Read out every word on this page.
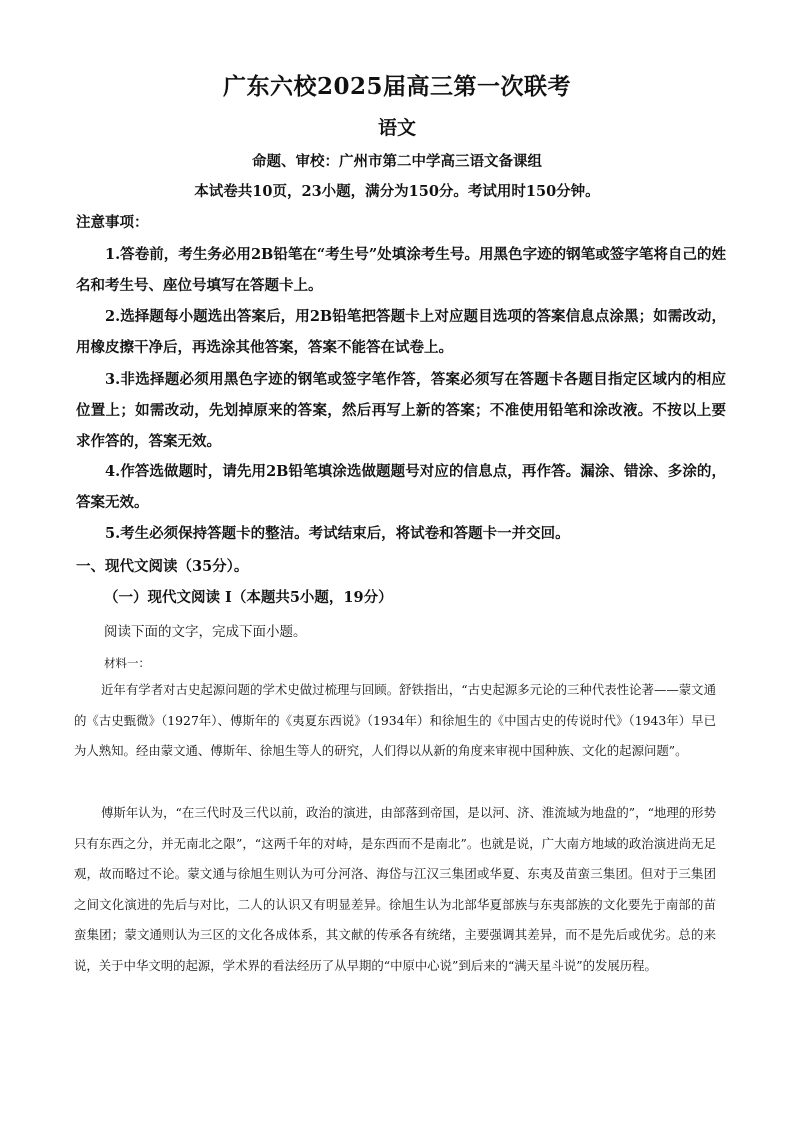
广东六校2025届高三第一次联考
语文
命题、审校：广州市第二中学高三语文备课组
本试卷共10页，23小题，满分为150分。考试用时150分钟。
注意事项：
1.答卷前，考生务必用2B铅笔在“考生号”处填涂考生号。用黑色字迹的钢笔或签字笔将自己的姓名和考生号、座位号填写在答题卡上。
2.选择题每小题选出答案后，用2B铅笔把答题卡上对应题目选项的答案信息点涂黑；如需改动，用橡皮擦干净后，再选涂其他答案，答案不能答在试卷上。
3.非选择题必须用黑色字迹的钢笔或签字笔作答，答案必须写在答题卡各题目指定区域内的相应位置上；如需改动，先划掉原来的答案，然后再写上新的答案；不准使用铅笔和涂改液。不按以上要求作答的，答案无效。
4.作答选做题时，请先用2B铅笔填涂选做题题号对应的信息点，再作答。漏涂、错涂、多涂的，答案无效。
5.考生必须保持答题卡的整洁。考试结束后，将试卷和答题卡一并交回。
一、现代文阅读（35分）。
（一）现代文阅读 I（本题共5小题，19分）
阅读下面的文字，完成下面小题。
材料一：
近年有学者对古史起源问题的学术史做过梳理与回顾。舒铁指出，“古史起源多元论的三种代表性论著——蒙文通的《古史甄微》（1927年）、傅斯年的《夷夏东西说》（1934年）和徐旭生的《中国古史的传说时代》（1943年）早已为人熟知。经由蒙文通、傅斯年、徐旭生等人的研究，人们得以从新的角度来审视中国种族、文化的起源问题”。
傅斯年认为，“在三代时及三代以前，政治的演进，由部落到帝国，是以河、济、淮流域为地盘的”，“地理的形势只有东西之分，并无南北之限”，“这两千年的对峙，是东西而不是南北”。也就是说，广大南方地域的政治演进尚无足观，故而略过不论。蒙文通与徐旭生则认为可分河洛、海岱与江汉三集团或华夏、东夷及苗蛮三集团。但对于三集团之间文化演进的先后与对比，二人的认识又有明显差异。徐旭生认为北部华夏部族与东夷部族的文化要先于南部的苗蛮集团；蒙文通则认为三区的文化各成体系，其文献的传承各有统绪，主要强调其差异，而不是先后或优劣。总的来说，关于中华文明的起源，学术界的看法经历了从早期的“中原中心说”到后来的“满天星斗说”的发展历程。
